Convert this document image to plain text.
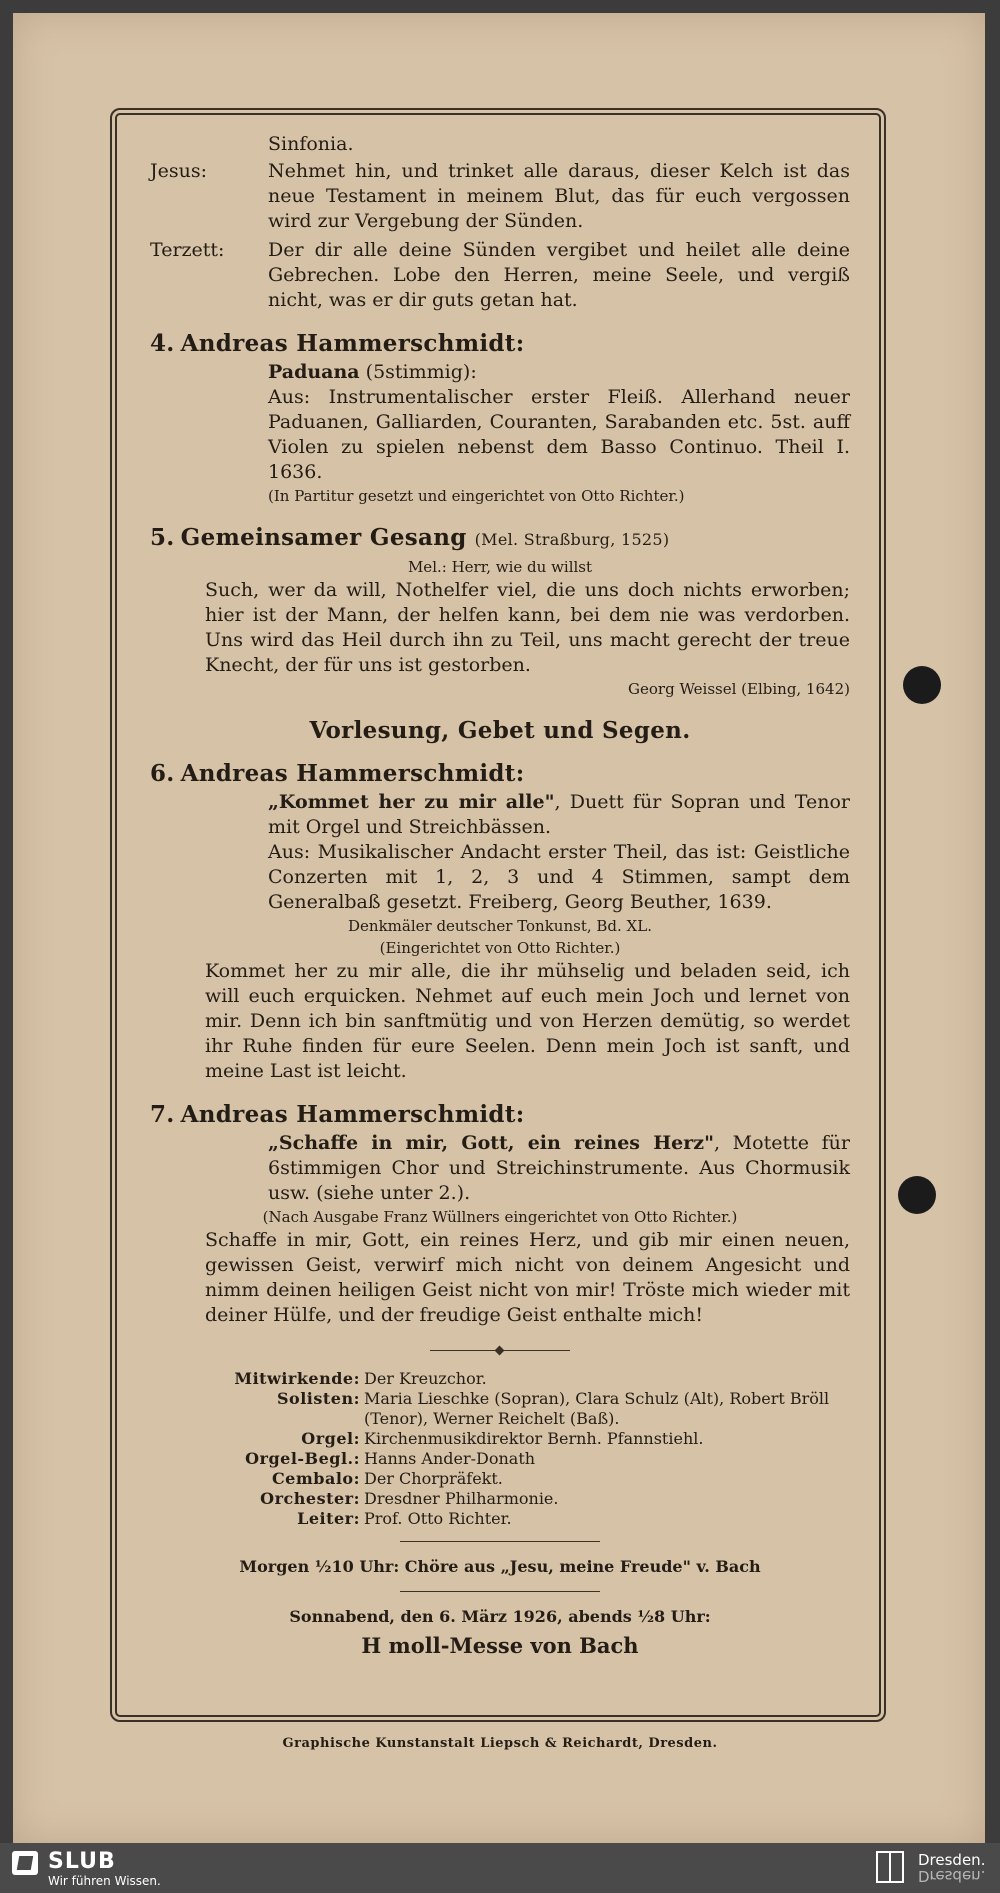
Sinfonia.
Jesus:	Nehmet hin, und trinket alle daraus, dieser Kelch ist das neue Testament in meinem Blut, das für euch vergossen wird zur Vergebung der Sünden.
Terzett:	Der dir alle deine Sünden vergibet und heilet alle deine Gebrechen. Lobe den Herren, meine Seele, und vergiß nicht, was er dir guts getan hat.
4. Andreas Hammerschmidt:
Paduana (5stimmig):
Aus: Instrumentalischer erster Fleiß. Allerhand neuer Paduanen, Galliarden, Couranten, Sarabanden etc. 5st. auff Violen zu spielen nebenst dem Basso Continuo. Theil I. 1636.
(In Partitur gesetzt und eingerichtet von Otto Richter.)
5. Gemeinsamer Gesang (Mel. Straßburg, 1525)
Mel.: Herr, wie du willst
Such, wer da will, Nothelfer viel, die uns doch nichts erworben; hier ist der Mann, der helfen kann, bei dem nie was verdorben. Uns wird das Heil durch ihn zu Teil, uns macht gerecht der treue Knecht, der für uns ist gestorben.
Georg Weissel (Elbing, 1642)
Vorlesung, Gebet und Segen.
6. Andreas Hammerschmidt:
„Kommet her zu mir alle", Duett für Sopran und Tenor mit Orgel und Streichbässen.
Aus: Musikalischer Andacht erster Theil, das ist: Geistliche Conzerten mit 1, 2, 3 und 4 Stimmen, sampt dem Generalbaß gesetzt. Freiberg, Georg Beuther, 1639.
Denkmäler deutscher Tonkunst, Bd. XL.
(Eingerichtet von Otto Richter.)
Kommet her zu mir alle, die ihr mühselig und beladen seid, ich will euch erquicken. Nehmet auf euch mein Joch und lernet von mir. Denn ich bin sanftmütig und von Herzen demütig, so werdet ihr Ruhe finden für eure Seelen. Denn mein Joch ist sanft, und meine Last ist leicht.
7. Andreas Hammerschmidt:
„Schaffe in mir, Gott, ein reines Herz", Motette für 6stimmigen Chor und Streichinstrumente. Aus Chormusik usw. (siehe unter 2.).
(Nach Ausgabe Franz Wüllners eingerichtet von Otto Richter.)
Schaffe in mir, Gott, ein reines Herz, und gib mir einen neuen, gewissen Geist, verwirf mich nicht von deinem Angesicht und nimm deinen heiligen Geist nicht von mir! Tröste mich wieder mit deiner Hülfe, und der freudige Geist enthalte mich!
Mitwirkende: Der Kreuzchor.
Solisten: Maria Lieschke (Sopran), Clara Schulz (Alt), Robert Bröll (Tenor), Werner Reichelt (Baß).
Orgel: Kirchenmusikdirektor Bernh. Pfannstiehl.
Orgel-Begl.: Hanns Ander-Donath
Cembalo: Der Chorpräfekt.
Orchester: Dresdner Philharmonie.
Leiter: Prof. Otto Richter.
Morgen ½10 Uhr: Chöre aus „Jesu, meine Freude" v. Bach
Sonnabend, den 6. März 1926, abends ½8 Uhr:
H moll-Messe von Bach
Graphische Kunstanstalt Liepsch & Reichardt, Dresden.
SLUB
Wir führen Wissen.
Dresden.
Dresden.
